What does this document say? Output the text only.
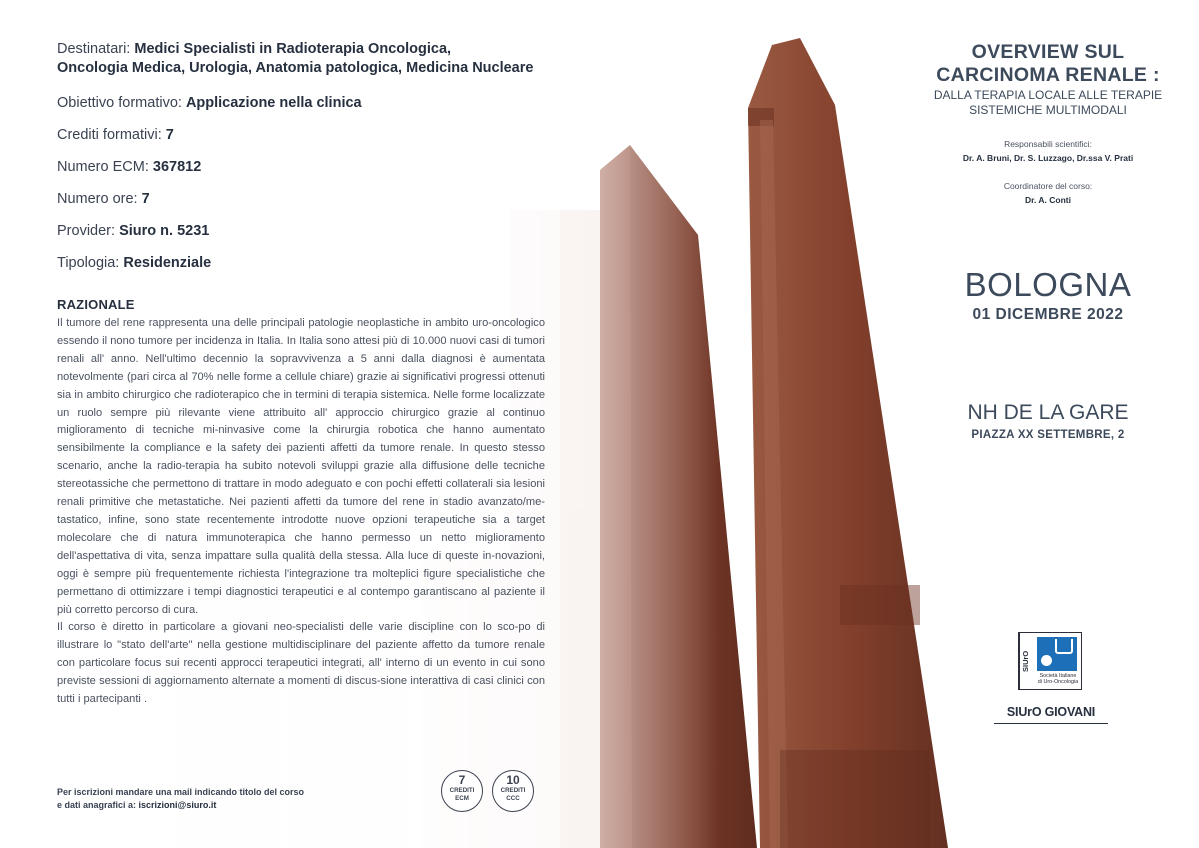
Destinatari: Medici Specialisti in Radioterapia Oncologica,
Oncologia Medica, Urologia, Anatomia patologica, Medicina Nucleare
Obiettivo formativo: Applicazione nella clinica
Crediti formativi: 7
Numero ECM: 367812
Numero ore: 7
Provider: Siuro n. 5231
Tipologia: Residenziale
RAZIONALE

Il tumore del rene rappresenta una delle principali patologie neoplastiche in ambito uro-oncologico essendo il nono tumore per incidenza in Italia. In Italia sono attesi più di 10.000 nuovi casi di tumori renali all' anno. Nell'ultimo decennio la sopravvivenza a 5 anni dalla diagnosi è aumentata notevolmente (pari circa al 70% nelle forme a cellule chiare) grazie ai significativi progressi ottenuti sia in ambito chirurgico che radioterapico che in termini di terapia sistemica. Nelle forme localizzate un ruolo sempre più rilevante viene attribuito all' approccio chirurgico grazie al continuo miglioramento di tecniche mi-ninvasive come la chirurgia robotica che hanno aumentato sensibilmente la compliance e la safety dei pazienti affetti da tumore renale. In questo stesso scenario, anche la radio-terapia ha subito notevoli sviluppi grazie alla diffusione delle tecniche stereotassiche che permettono di trattare in modo adeguato e con pochi effetti collaterali sia lesioni renali primitive che metastatiche. Nei pazienti affetti da tumore del rene in stadio avanzato/me-tastatico, infine, sono state recentemente introdotte nuove opzioni terapeutiche sia a target molecolare che di natura immunoterapica che hanno permesso un netto miglioramento dell'aspettativa di vita, senza impattare sulla qualità della stessa. Alla luce di queste in-novazioni, oggi è sempre più frequentemente richiesta l'integrazione tra molteplici figure specialistiche che permettano di ottimizzare i tempi diagnostici terapeutici e al contempo garantiscano al paziente il più corretto percorso di cura.

Il corso è diretto in particolare a giovani neo-specialisti delle varie discipline con lo sco-po di illustrare lo "stato dell'arte" nella gestione multidisciplinare del paziente affetto da tumore renale con particolare focus sui recenti approcci terapeutici integrati, all' interno di un evento in cui sono previste sessioni di aggiornamento alternate a momenti di discus-sione interattiva di casi clinici con tutti i partecipanti .

Per iscrizioni mandare una mail indicando titolo del corso
e dati anagrafici a: iscrizioni@siuro.it
7
CREDITI
ECM
10
CREDITI
CCC
OVERVIEW SUL
CARCINOMA RENALE :
DALLA TERAPIA LOCALE ALLE TERAPIE
SISTEMICHE MULTIMODALI
Responsabili scientifici:
Dr. A. Bruni, Dr. S. Luzzago, Dr.ssa V. Prati
Coordinatore del corso:
Dr. A. Conti
BOLOGNA
01 DICEMBRE 2022
NH DE LA GARE
PIAZZA XX SETTEMBRE, 2
SIUrO
Società Italiane
di Uro-Oncologia
SIUrO GIOVANI
